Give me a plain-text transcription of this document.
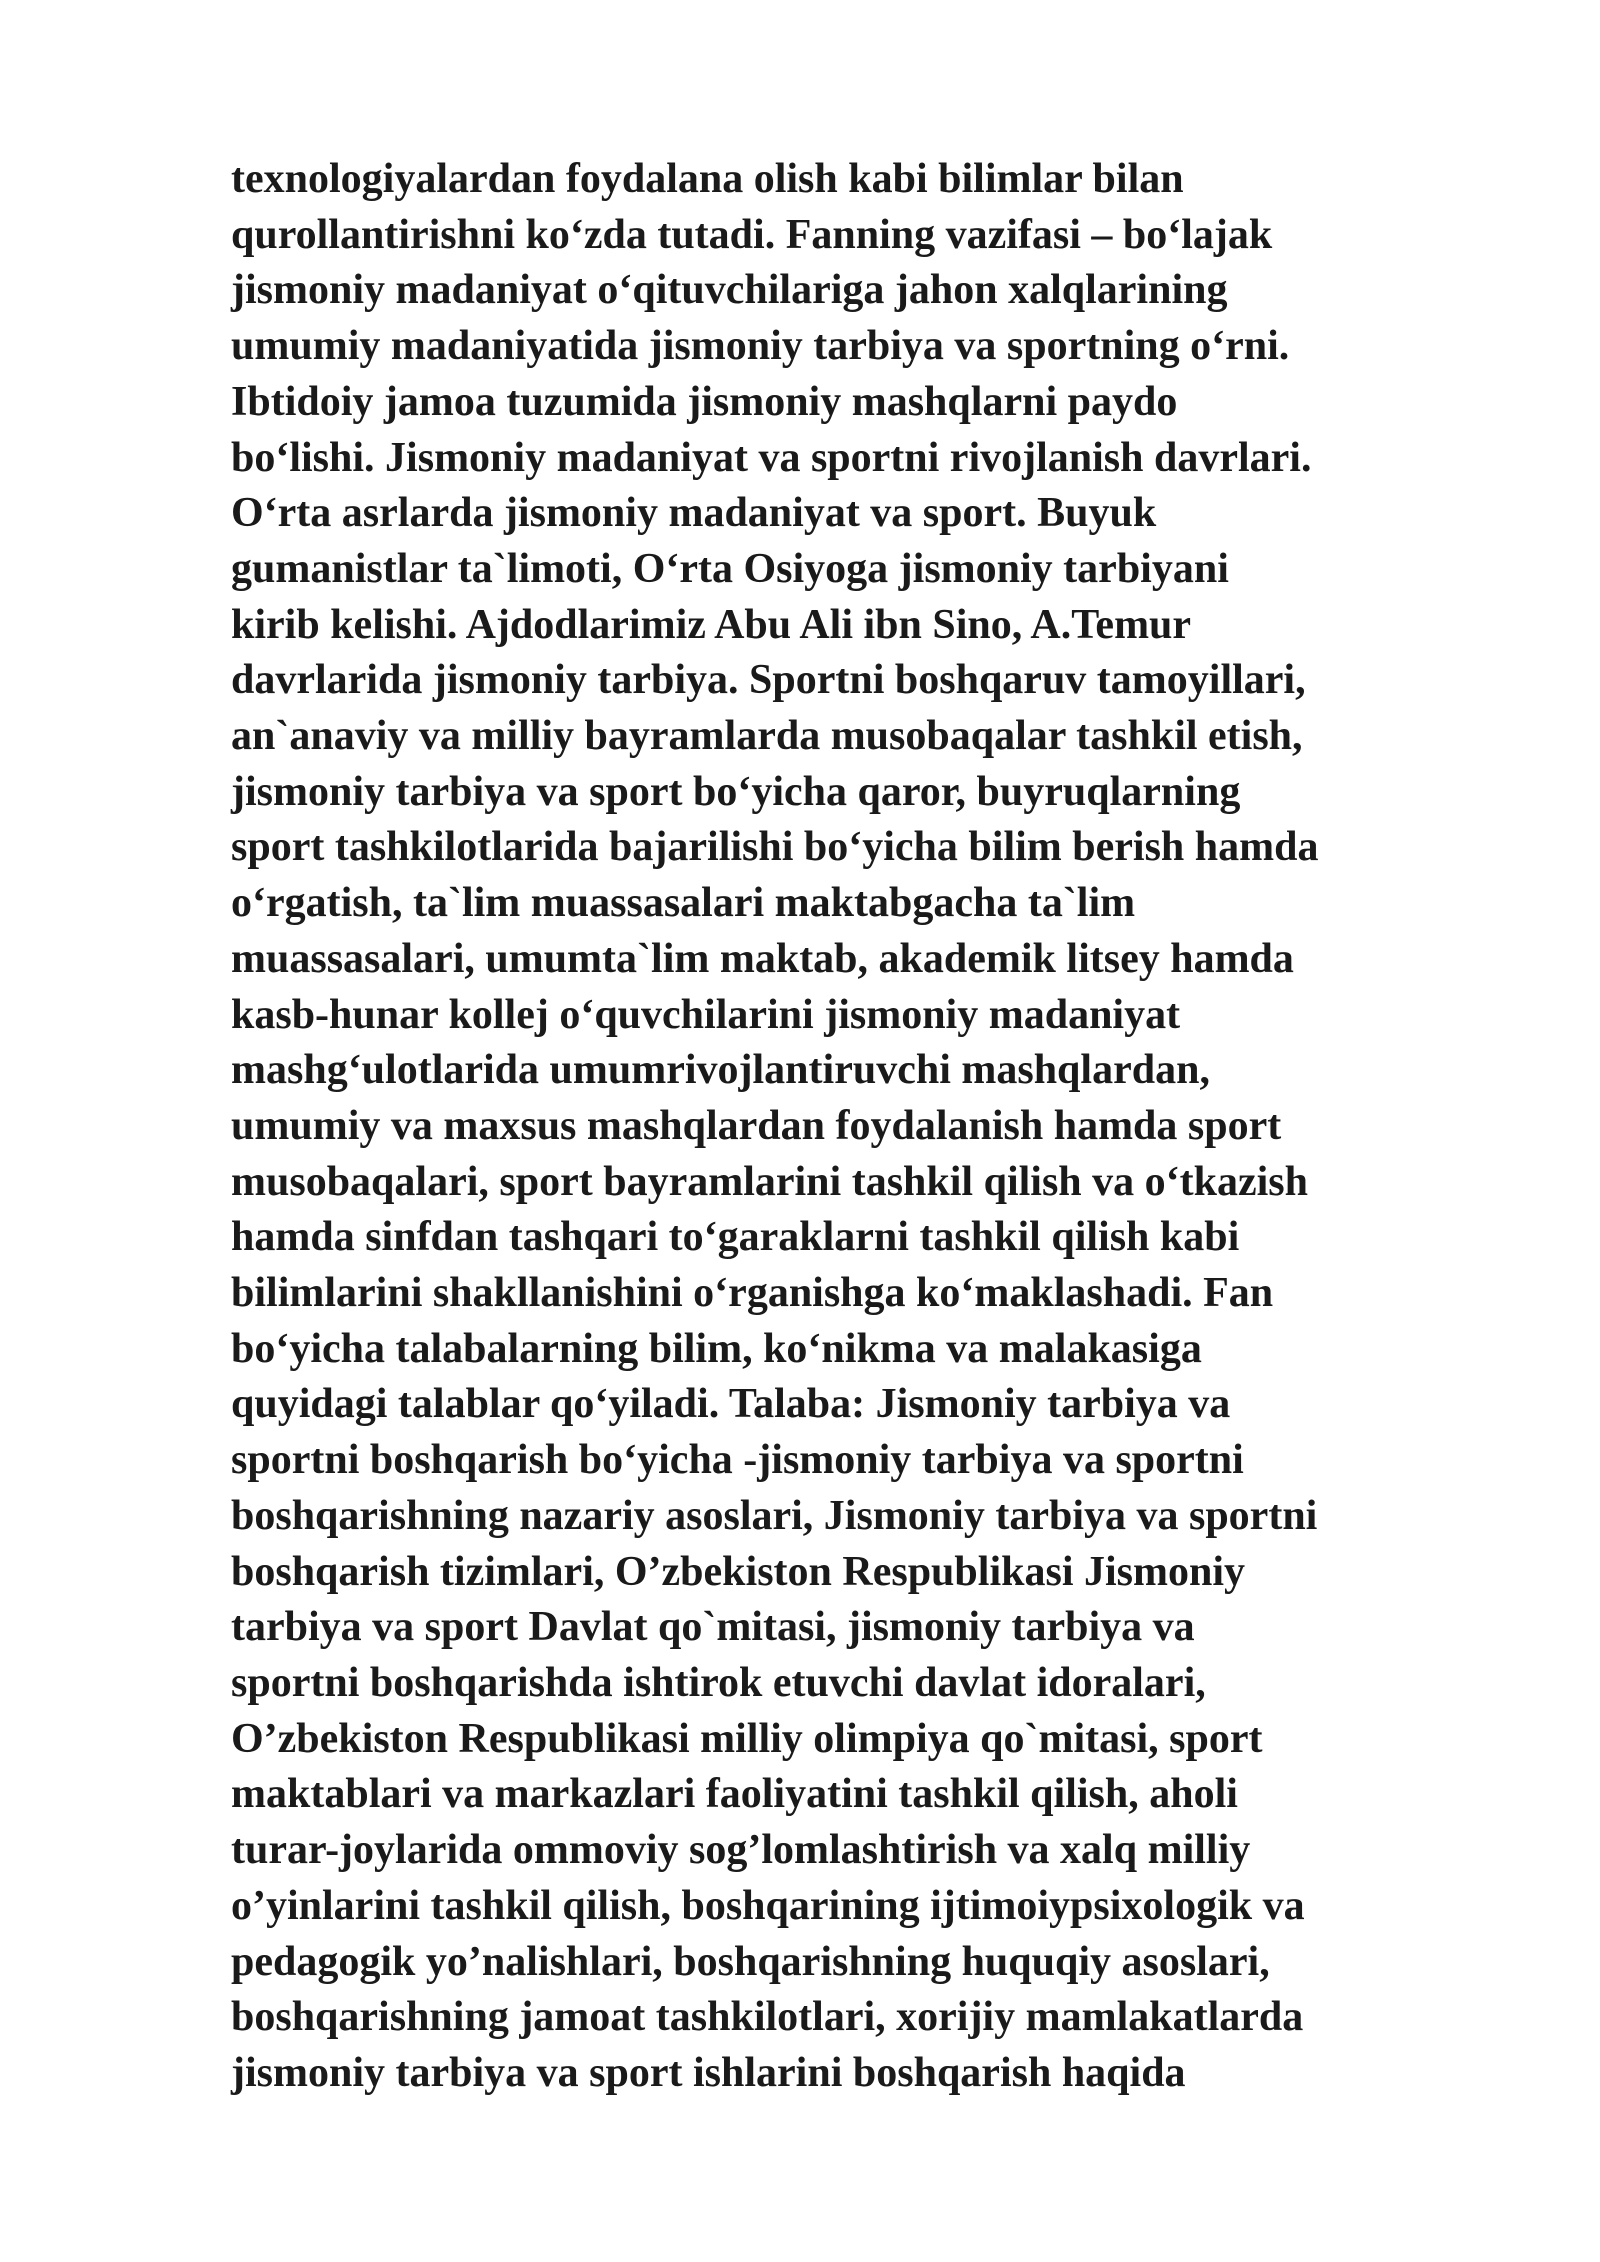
texnologiyalardan foydalana olish kabi bilimlar bilan
qurollantirishni ko‘zda tutadi. Fanning vazifasi – bo‘lajak
jismoniy madaniyat o‘qituvchilariga jahon xalqlarining
umumiy madaniyatida jismoniy tarbiya va sportning o‘rni.
Ibtidoiy jamoa tuzumida jismoniy mashqlarni paydo
bo‘lishi. Jismoniy madaniyat va sportni rivojlanish davrlari.
O‘rta asrlarda jismoniy madaniyat va sport. Buyuk
gumanistlar ta`limoti, O‘rta Osiyoga jismoniy tarbiyani
kirib kelishi. Ajdodlarimiz Abu Ali ibn Sino, A.Temur
davrlarida jismoniy tarbiya. Sportni boshqaruv tamoyillari,
an`anaviy va milliy bayramlarda musobaqalar tashkil etish,
jismoniy tarbiya va sport bo‘yicha qaror, buyruqlarning
sport tashkilotlarida bajarilishi bo‘yicha bilim berish hamda
o‘rgatish, ta`lim muassasalari maktabgacha ta`lim
muassasalari, umumta`lim maktab, akademik litsey hamda
kasb-hunar kollej o‘quvchilarini jismoniy madaniyat
mashg‘ulotlarida umumrivojlantiruvchi mashqlardan,
umumiy va maxsus mashqlardan foydalanish hamda sport
musobaqalari, sport bayramlarini tashkil qilish va o‘tkazish
hamda sinfdan tashqari to‘garaklarni tashkil qilish kabi
bilimlarini shakllanishini o‘rganishga ko‘maklashadi. Fan
bo‘yicha talabalarning bilim, ko‘nikma va malakasiga
quyidagi talablar qo‘yiladi. Talaba: Jismoniy tarbiya va
sportni boshqarish bo‘yicha -jismoniy tarbiya va sportni
boshqarishning nazariy asoslari, Jismoniy tarbiya va sportni
boshqarish tizimlari, O’zbekiston Respublikasi Jismoniy
tarbiya va sport Davlat qo`mitasi, jismoniy tarbiya va
sportni boshqarishda ishtirok etuvchi davlat idoralari,
O’zbekiston Respublikasi milliy olimpiya qo`mitasi, sport
maktablari va markazlari faoliyatini tashkil qilish, aholi
turar-joylarida ommoviy sog’lomlashtirish va xalq milliy
o’yinlarini tashkil qilish, boshqarining ijtimoiypsixologik va
pedagogik yo’nalishlari, boshqarishning huquqiy asoslari,
boshqarishning jamoat tashkilotlari, xorijiy mamlakatlarda
jismoniy tarbiya va sport ishlarini boshqarish haqida
